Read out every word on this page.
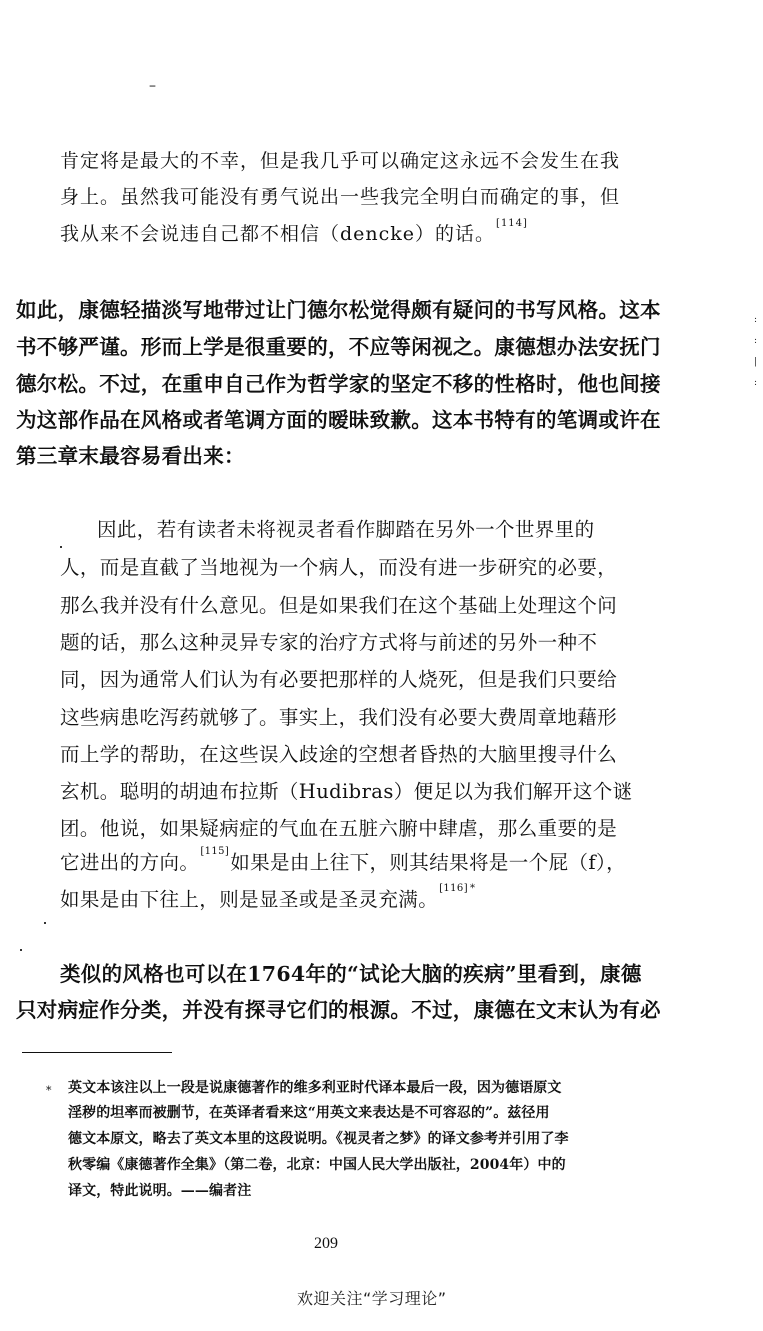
–
:
:
|
:
肯定将是最大的不幸，但是我几乎可以确定这永远不会发生在我
身上。虽然我可能没有勇气说出一些我完全明白而确定的事，但
我从来不会说违自己都不相信（dencke）的话。[114]
如此，康德轻描淡写地带过让门德尔松觉得颇有疑问的书写风格。这本
书不够严谨。形而上学是很重要的，不应等闲视之。康德想办法安抚门
德尔松。不过，在重申自己作为哲学家的坚定不移的性格时，他也间接
为这部作品在风格或者笔调方面的暧昧致歉。这本书特有的笔调或许在
第三章末最容易看出来：
因此，若有读者未将视灵者看作脚踏在另外一个世界里的
人，而是直截了当地视为一个病人，而没有进一步研究的必要，
那么我并没有什么意见。但是如果我们在这个基础上处理这个问
题的话，那么这种灵异专家的治疗方式将与前述的另外一种不
同，因为通常人们认为有必要把那样的人烧死，但是我们只要给
这些病患吃泻药就够了。事实上，我们没有必要大费周章地藉形
而上学的帮助，在这些误入歧途的空想者昏热的大脑里搜寻什么
玄机。聪明的胡迪布拉斯（Hudibras）便足以为我们解开这个谜
团。他说，如果疑病症的气血在五脏六腑中肆虐，那么重要的是
它进出的方向。[115]如果是由上往下，则其结果将是一个屁（f），
如果是由下往上，则是显圣或是圣灵充满。[116] *
类似的风格也可以在1764年的“试论大脑的疾病”里看到，康德
只对病症作分类，并没有探寻它们的根源。不过，康德在文末认为有必
* 英文本该注以上一段是说康德著作的维多利亚时代译本最后一段，因为德语原文
淫秽的坦率而被删节，在英译者看来这“用英文来表达是不可容忍的”。兹径用
德文本原文，略去了英文本里的这段说明。《视灵者之梦》的译文参考并引用了李
秋零编《康德著作全集》（第二卷，北京：中国人民大学出版社，2004年）中的
译文，特此说明。——编者注
209
欢迎关注“学习理论”
